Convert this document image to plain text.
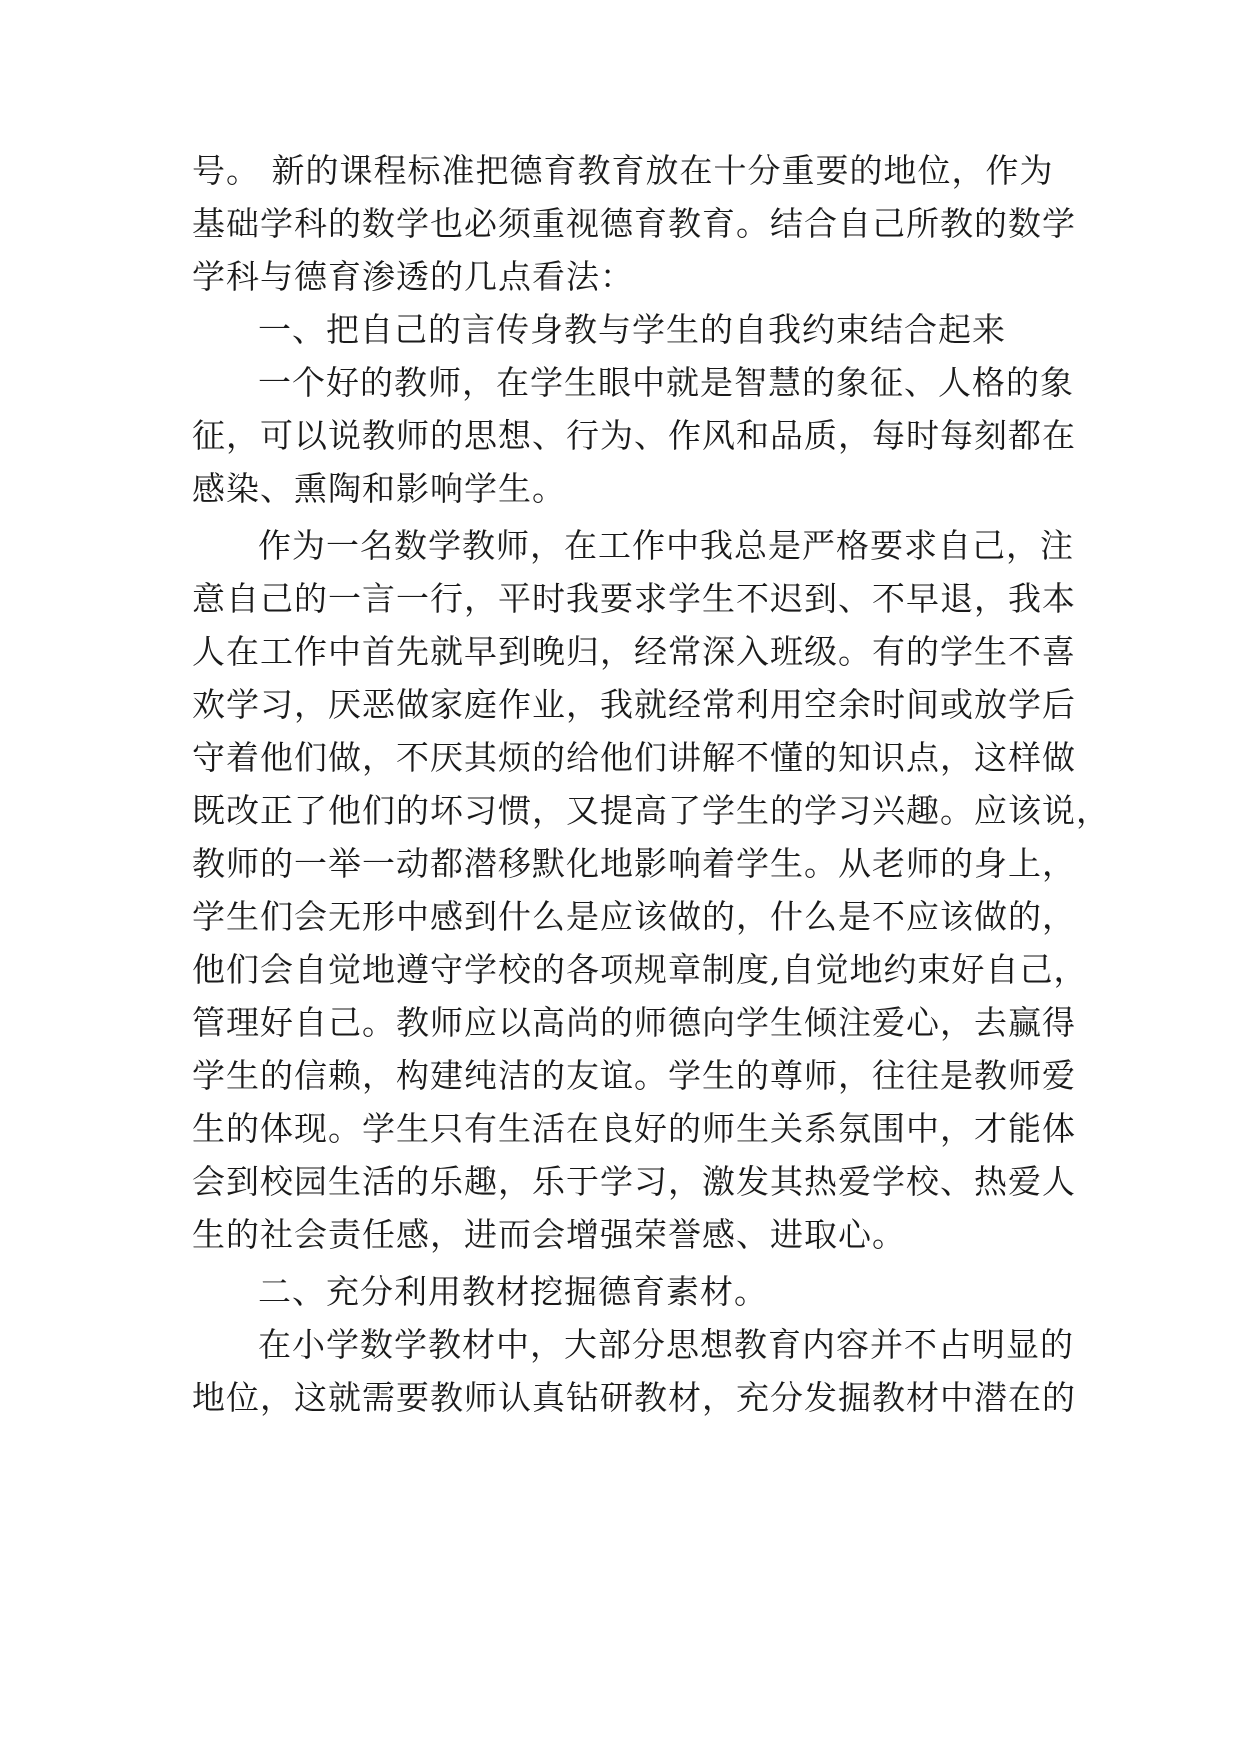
号。 新的课程标准把德育教育放在十分重要的地位，作为
基础学科的数学也必须重视德育教育。结合自己所教的数学
学科与德育渗透的几点看法：
一、把自己的言传身教与学生的自我约束结合起来
一个好的教师，在学生眼中就是智慧的象征、人格的象
征，可以说教师的思想、行为、作风和品质，每时每刻都在
感染、熏陶和影响学生。
作为一名数学教师，在工作中我总是严格要求自己，注
意自己的一言一行，平时我要求学生不迟到、不早退，我本
人在工作中首先就早到晚归，经常深入班级。有的学生不喜
欢学习，厌恶做家庭作业，我就经常利用空余时间或放学后
守着他们做，不厌其烦的给他们讲解不懂的知识点，这样做
既改正了他们的坏习惯，又提高了学生的学习兴趣。应该说，
教师的一举一动都潜移默化地影响着学生。从老师的身上，
学生们会无形中感到什么是应该做的，什么是不应该做的，
他们会自觉地遵守学校的各项规章制度,自觉地约束好自己，
管理好自己。教师应以高尚的师德向学生倾注爱心，去赢得
学生的信赖，构建纯洁的友谊。学生的尊师，往往是教师爱
生的体现。学生只有生活在良好的师生关系氛围中，才能体
会到校园生活的乐趣，乐于学习，激发其热爱学校、热爱人
生的社会责任感，进而会增强荣誉感、进取心。
二、充分利用教材挖掘德育素材。
在小学数学教材中，大部分思想教育内容并不占明显的
地位，这就需要教师认真钻研教材，充分发掘教材中潜在的
